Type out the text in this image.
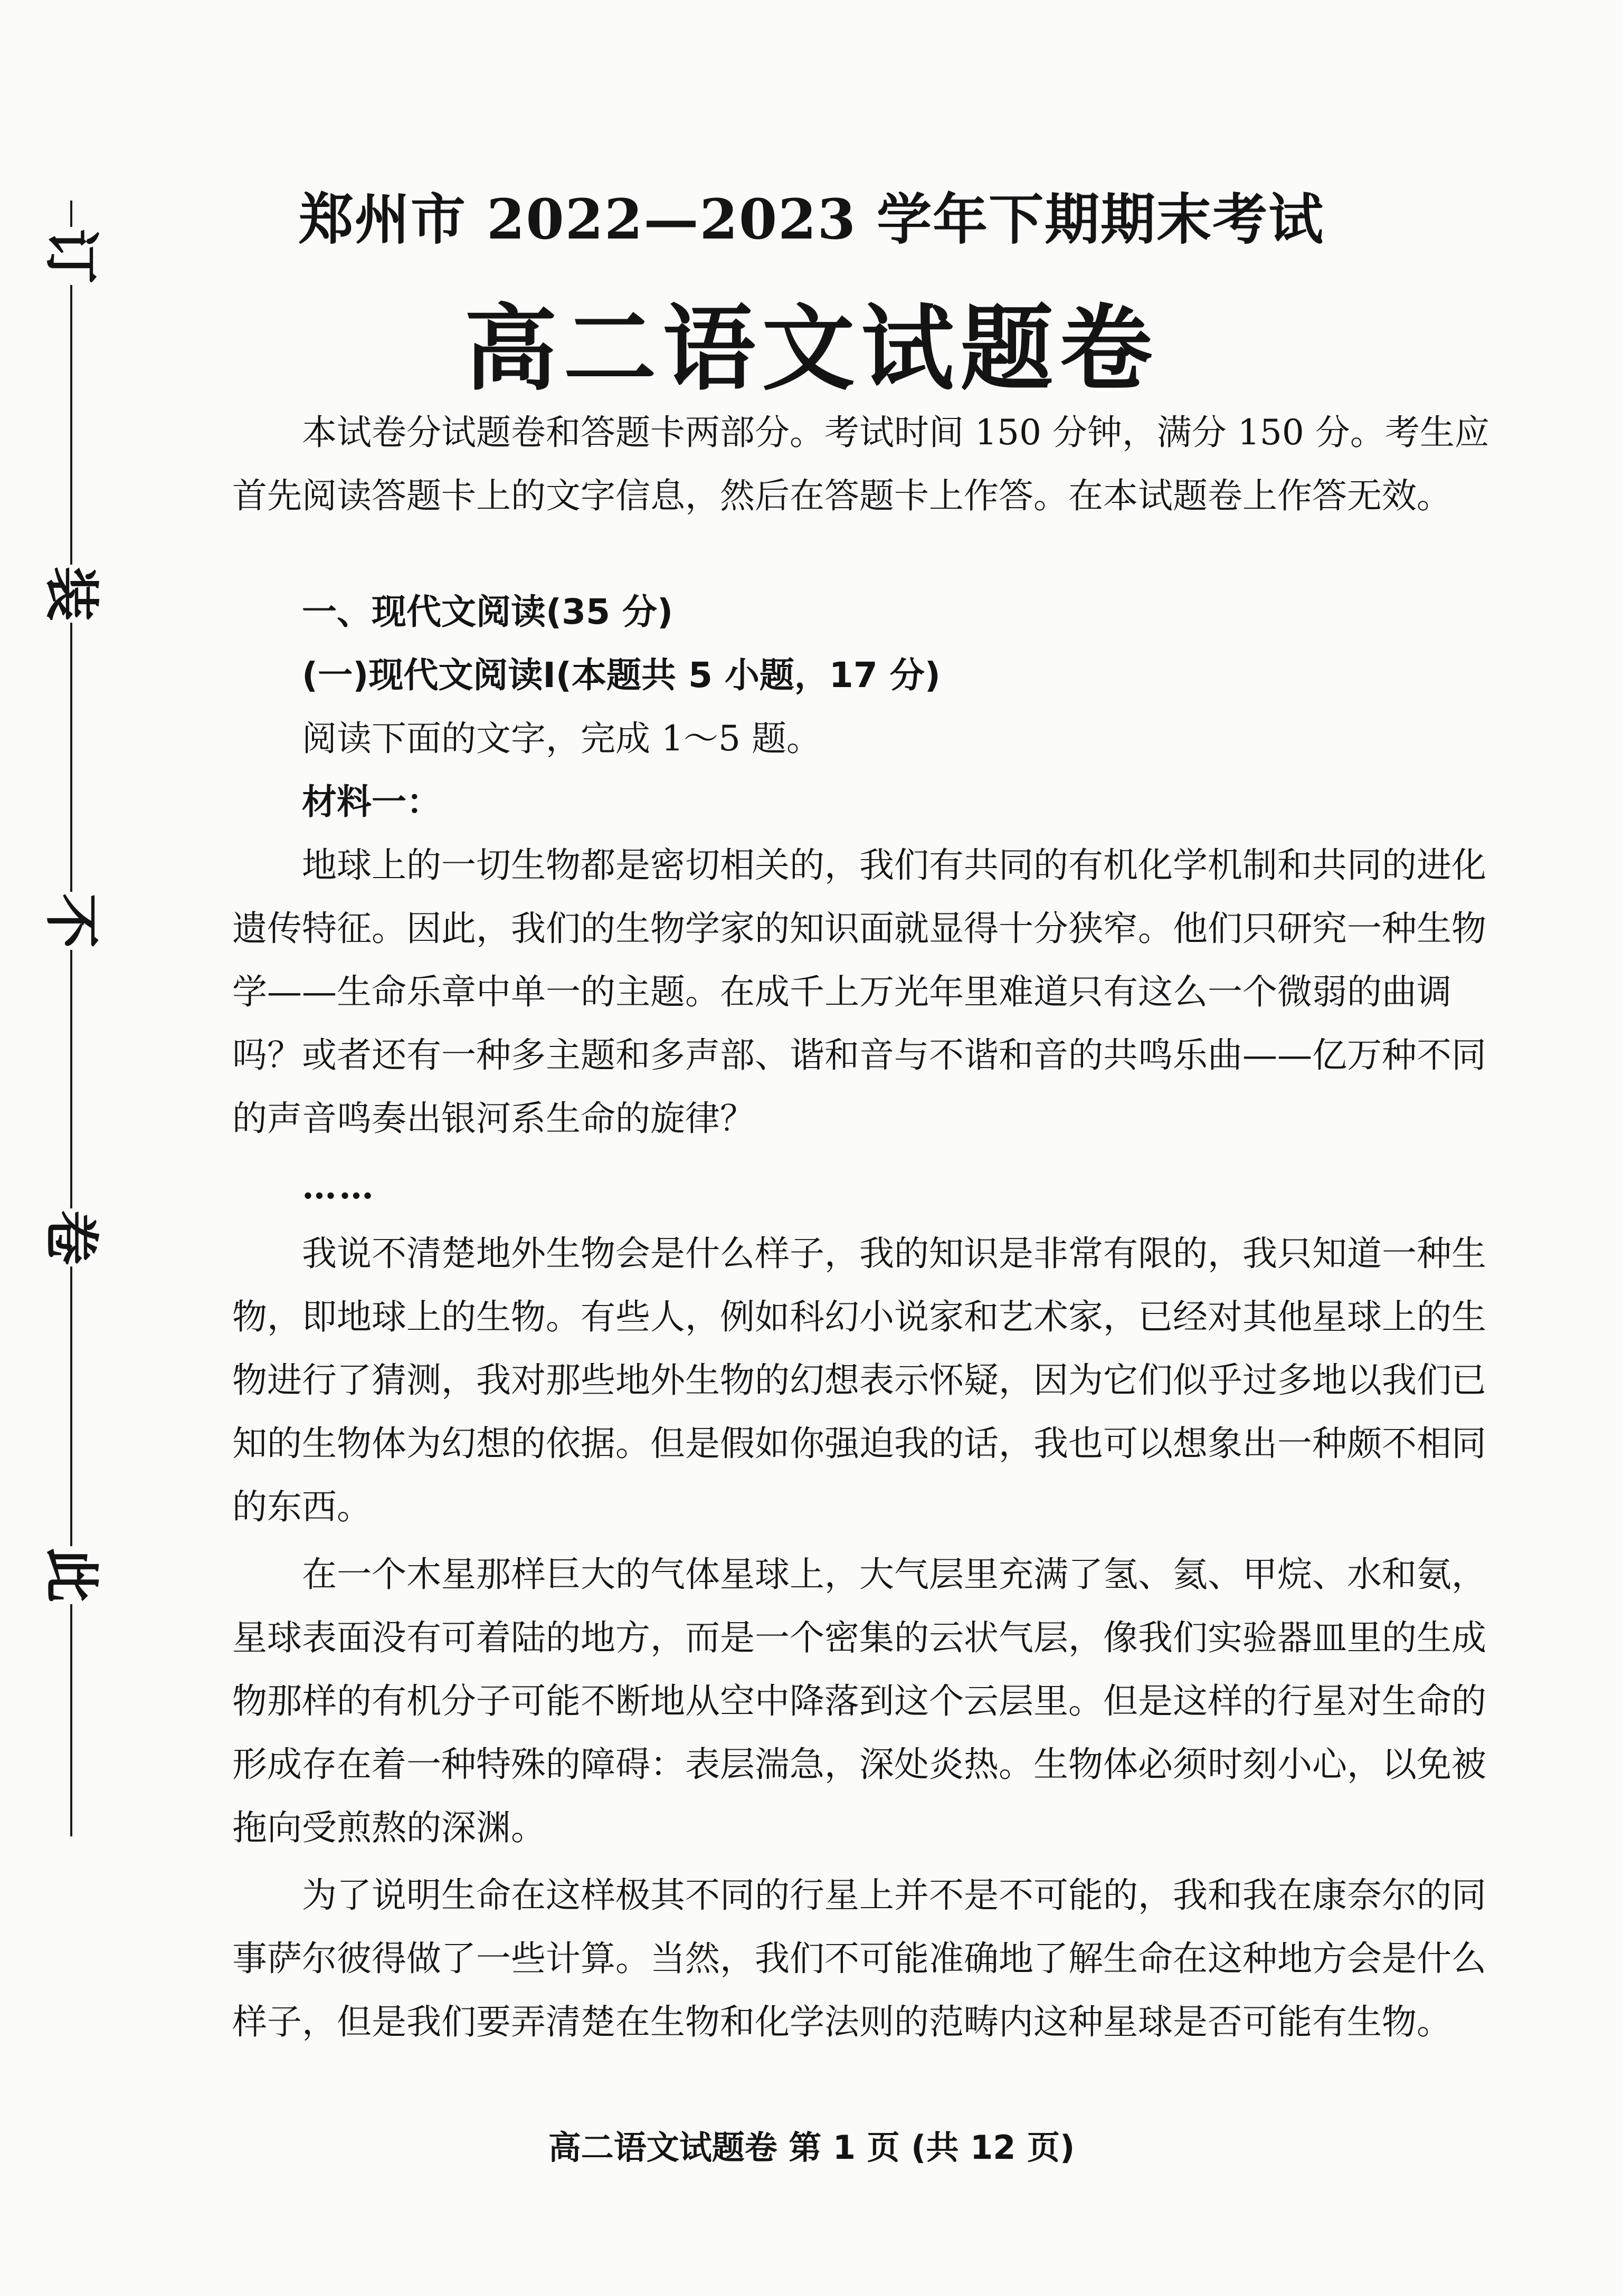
订
装
不
卷
此
郑州市 2022—2023 学年下期期末考试
高二语文试题卷

本试卷分试题卷和答题卡两部分。考试时间 150 分钟，满分 150 分。考生应首先阅读答题卡上的文字信息，然后在答题卡上作答。在本试题卷上作答无效。

一、现代文阅读(35 分)

(一)现代文阅读Ⅰ(本题共 5 小题，17 分)

阅读下面的文字，完成 1～5 题。

材料一：

地球上的一切生物都是密切相关的，我们有共同的有机化学机制和共同的进化遗传特征。因此，我们的生物学家的知识面就显得十分狭窄。他们只研究一种生物学——生命乐章中单一的主题。在成千上万光年里难道只有这么一个微弱的曲调吗？或者还有一种多主题和多声部、谐和音与不谐和音的共鸣乐曲——亿万种不同的声音鸣奏出银河系生命的旋律？

……

我说不清楚地外生物会是什么样子，我的知识是非常有限的，我只知道一种生物，即地球上的生物。有些人，例如科幻小说家和艺术家，已经对其他星球上的生物进行了猜测，我对那些地外生物的幻想表示怀疑，因为它们似乎过多地以我们已知的生物体为幻想的依据。但是假如你强迫我的话，我也可以想象出一种颇不相同的东西。

在一个木星那样巨大的气体星球上，大气层里充满了氢、氦、甲烷、水和氨，星球表面没有可着陆的地方，而是一个密集的云状气层，像我们实验器皿里的生成物那样的有机分子可能不断地从空中降落到这个云层里。但是这样的行星对生命的形成存在着一种特殊的障碍：表层湍急，深处炎热。生物体必须时刻小心，以免被拖向受煎熬的深渊。

为了说明生命在这样极其不同的行星上并不是不可能的，我和我在康奈尔的同事萨尔彼得做了一些计算。当然，我们不可能准确地了解生命在这种地方会是什么样子，但是我们要弄清楚在生物和化学法则的范畴内这种星球是否可能有生物。

高二语文试题卷 第 1 页 (共 12 页)
